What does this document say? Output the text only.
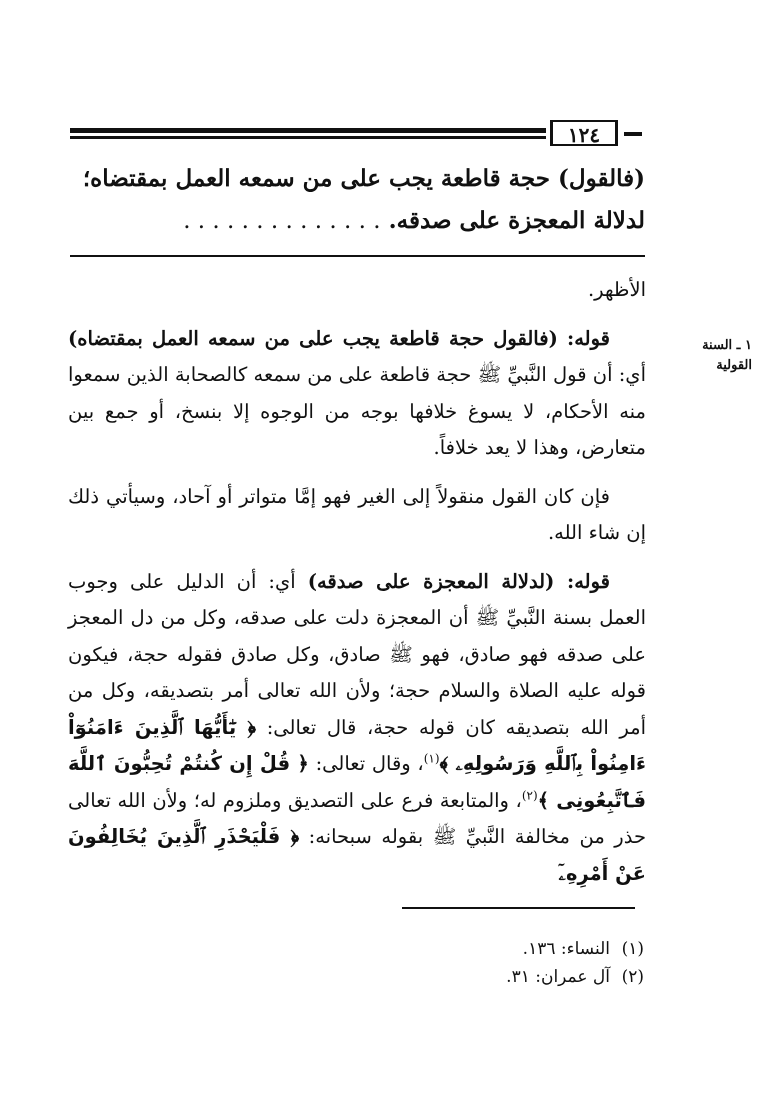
١٢٤

(فالقول) حجة قاطعة يجب على من سمعه العمل بمقتضاه؛

لدلالة المعجزة على صدقه. . . . . . . . . . . . . . .

١ ـ السنة القولية

الأظهر.

قوله: (فالقول حجة قاطعة يجب على من سمعه العمل بمقتضاه) أي: أن قول النَّبيِّ ﷺ حجة قاطعة على من سمعه كالصحابة الذين سمعوا منه الأحكام، لا يسوغ خلافها بوجه من الوجوه إلا بنسخ، أو جمع بين متعارض، وهذا لا يعد خلافاً.

فإن كان القول منقولاً إلى الغير فهو إمَّا متواتر أو آحاد، وسيأتي ذلك إن شاء الله.

قوله: (لدلالة المعجزة على صدقه) أي: أن الدليل على وجوب العمل بسنة النَّبيِّ ﷺ أن المعجزة دلت على صدقه، وكل من دل المعجز على صدقه فهو صادق، فهو ﷺ صادق، وكل صادق فقوله حجة، فيكون قوله عليه الصلاة والسلام حجة؛ ولأن الله تعالى أمر بتصديقه، وكل من أمر الله بتصديقه كان قوله حجة، قال تعالى: ﴿ يَٰٓأَيُّهَا ٱلَّذِينَ ءَامَنُوٓاْ ءَامِنُواْ بِٱللَّهِ وَرَسُولِهِۦ ﴾$^{(١)}$، وقال تعالى: ﴿ قُلْ إِن كُنتُمْ تُحِبُّونَ ٱللَّهَ فَٱتَّبِعُونِى ﴾$^{(٢)}$، والمتابعة فرع على التصديق وملزوم له؛ ولأن الله تعالى حذر من مخالفة النَّبيِّ ﷺ بقوله سبحانه: ﴿ فَلْيَحْذَرِ ٱلَّذِينَ يُخَالِفُونَ عَنْ أَمْرِهِۦٓ

(١)النساء: ١٣٦.
(٢)آل عمران: ٣١.
